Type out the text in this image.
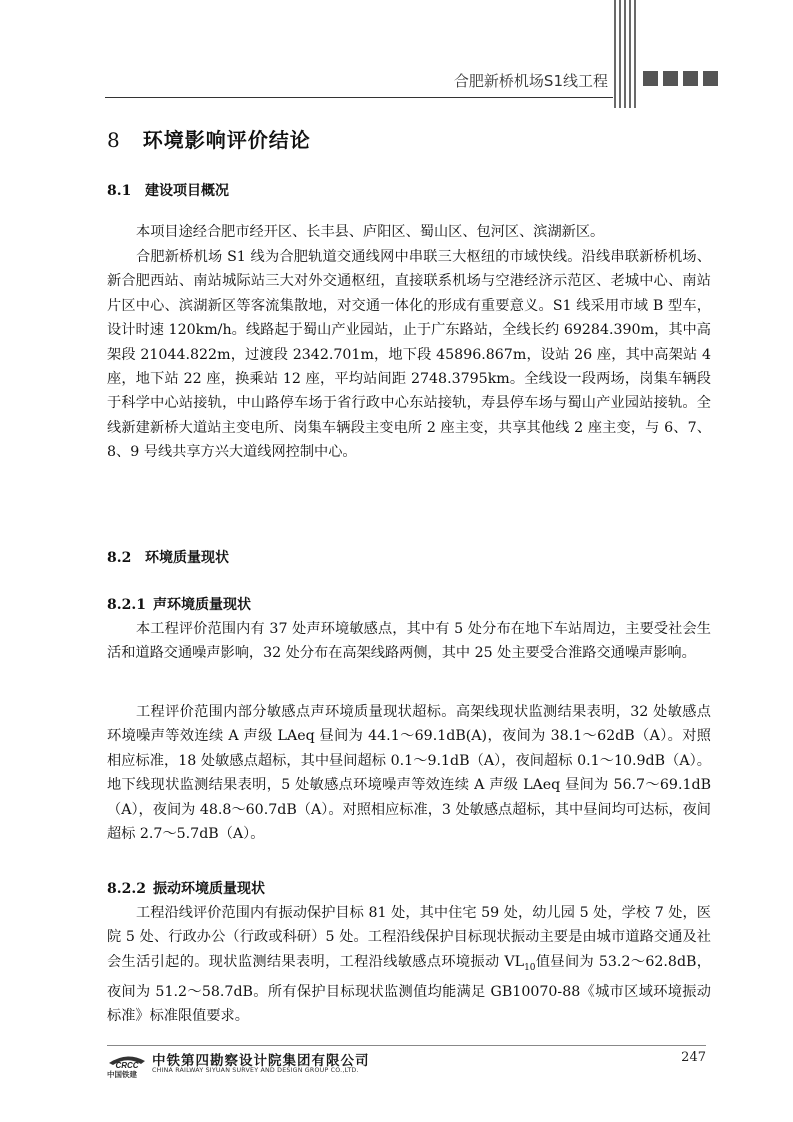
合肥新桥机场S1线工程
8 环境影响评价结论
8.1 建设项目概况

本项目途经合肥市经开区、长丰县、庐阳区、蜀山区、包河区、滨湖新区。

合肥新桥机场 S1 线为合肥轨道交通线网中串联三大枢纽的市域快线。沿线串联新桥机场、新合肥西站、南站城际站三大对外交通枢纽，直接联系机场与空港经济示范区、老城中心、南站片区中心、滨湖新区等客流集散地，对交通一体化的形成有重要意义。S1 线采用市域 B 型车，设计时速 120km/h。线路起于蜀山产业园站，止于广东路站，全线长约 69284.390m，其中高架段 21044.822m，过渡段 2342.701m，地下段 45896.867m，设站 26 座，其中高架站 4 座，地下站 22 座，换乘站 12 座，平均站间距 2748.3795km。全线设一段两场，岗集车辆段于科学中心站接轨，中山路停车场于省行政中心东站接轨，寿县停车场与蜀山产业园站接轨。全线新建新桥大道站主变电所、岗集车辆段主变电所 2 座主变，共享其他线 2 座主变，与 6、7、8、9 号线共享方兴大道线网控制中心。

8.2 环境质量现状
8.2.1 声环境质量现状

本工程评价范围内有 37 处声环境敏感点，其中有 5 处分布在地下车站周边，主要受社会生活和道路交通噪声影响，32 处分布在高架线路两侧，其中 25 处主要受合淮路交通噪声影响。

工程评价范围内部分敏感点声环境质量现状超标。高架线现状监测结果表明，32 处敏感点环境噪声等效连续 A 声级 LAeq 昼间为 44.1～69.1dB(A)，夜间为 38.1～62dB（A）。对照相应标准，18 处敏感点超标，其中昼间超标 0.1～9.1dB（A），夜间超标 0.1～10.9dB（A）。地下线现状监测结果表明，5 处敏感点环境噪声等效连续 A 声级 LAeq 昼间为 56.7～69.1dB（A），夜间为 48.8～60.7dB（A）。对照相应标准，3 处敏感点超标，其中昼间均可达标，夜间超标 2.7～5.7dB（A）。

8.2.2 振动环境质量现状

工程沿线评价范围内有振动保护目标 81 处，其中住宅 59 处，幼儿园 5 处，学校 7 处，医院 5 处、行政办公（行政或科研）5 处。工程沿线保护目标现状振动主要是由城市道路交通及社会生活引起的。现状监测结果表明，工程沿线敏感点环境振动 $VL_{10}$值昼间为 53.2～62.8dB，夜间为 51.2～58.7dB。所有保护目标现状监测值均能满足 GB10070-88《城市区域环境振动标准》标准限值要求。

CRCC
中国铁建
中铁第四勘察设计院集团有限公司
CHINA RAILWAY SIYUAN SURVEY AND DESIGN GROUP CO.,LTD.
247
